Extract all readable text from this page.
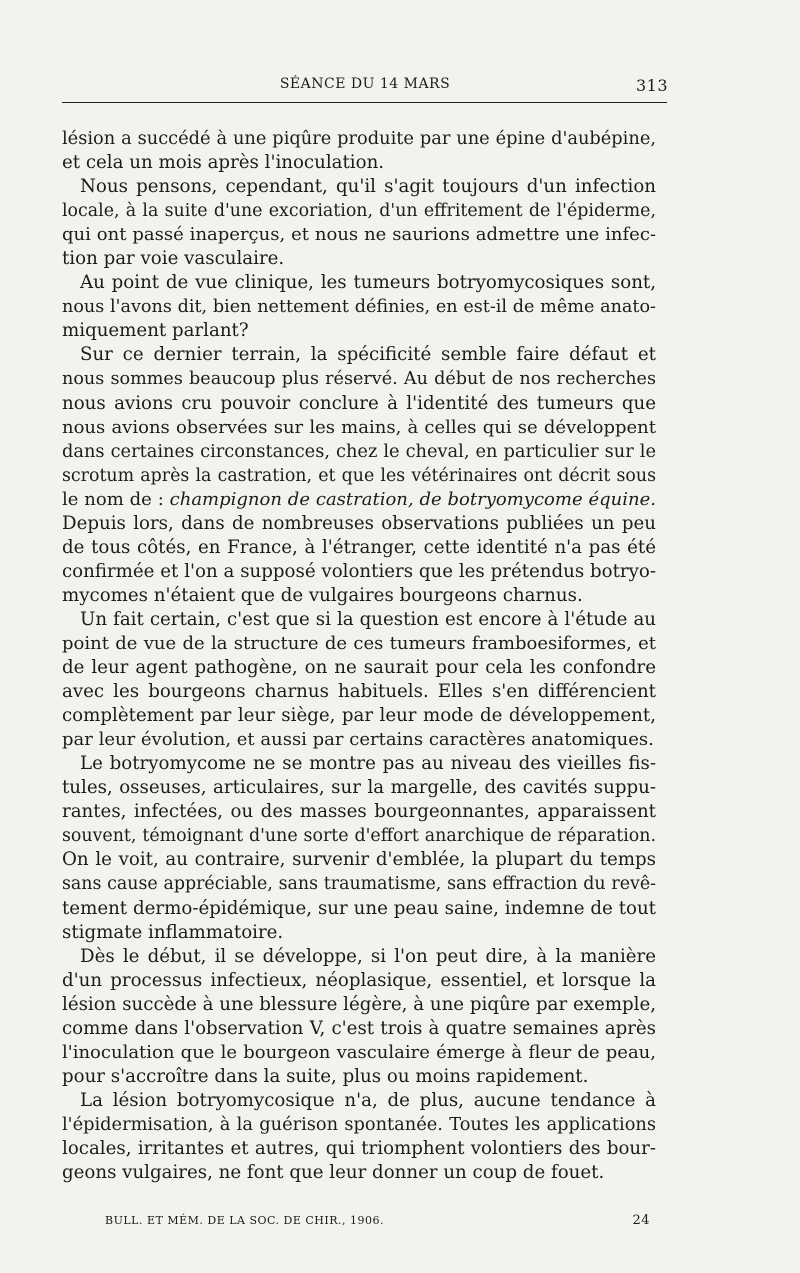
SÉANCE DU 14 MARS	313
lésion a succédé à une piqûre produite par une épine d'aubépine,
et cela un mois après l'inoculation.
Nous pensons, cependant, qu'il s'agit toujours d'un infection
locale, à la suite d'une excoriation, d'un effritement de l'épiderme,
qui ont passé inaperçus, et nous ne saurions admettre une infec-
tion par voie vasculaire.
Au point de vue clinique, les tumeurs botryomycosiques sont,
nous l'avons dit, bien nettement définies, en est-il de même anato-
miquement parlant?
Sur ce dernier terrain, la spécificité semble faire défaut et
nous sommes beaucoup plus réservé. Au début de nos recherches
nous avions cru pouvoir conclure à l'identité des tumeurs que
nous avions observées sur les mains, à celles qui se développent
dans certaines circonstances, chez le cheval, en particulier sur le
scrotum après la castration, et que les vétérinaires ont décrit sous
le nom de : champignon de castration, de botryomycome équine.
Depuis lors, dans de nombreuses observations publiées un peu
de tous côtés, en France, à l'étranger, cette identité n'a pas été
confirmée et l'on a supposé volontiers que les prétendus botryo-
mycomes n'étaient que de vulgaires bourgeons charnus.
Un fait certain, c'est que si la question est encore à l'étude au
point de vue de la structure de ces tumeurs framboesiformes, et
de leur agent pathogène, on ne saurait pour cela les confondre
avec les bourgeons charnus habituels. Elles s'en différencient
complètement par leur siège, par leur mode de développement,
par leur évolution, et aussi par certains caractères anatomiques.
Le botryomycome ne se montre pas au niveau des vieilles fis-
tules, osseuses, articulaires, sur la margelle, des cavités suppu-
rantes, infectées, ou des masses bourgeonnantes, apparaissent
souvent, témoignant d'une sorte d'effort anarchique de réparation.
On le voit, au contraire, survenir d'emblée, la plupart du temps
sans cause appréciable, sans traumatisme, sans effraction du revê-
tement dermo-épidémique, sur une peau saine, indemne de tout
stigmate inflammatoire.
Dès le début, il se développe, si l'on peut dire, à la manière
d'un processus infectieux, néoplasique, essentiel, et lorsque la
lésion succède à une blessure légère, à une piqûre par exemple,
comme dans l'observation V, c'est trois à quatre semaines après
l'inoculation que le bourgeon vasculaire émerge à fleur de peau,
pour s'accroître dans la suite, plus ou moins rapidement.
La lésion botryomycosique n'a, de plus, aucune tendance à
l'épidermisation, à la guérison spontanée. Toutes les applications
locales, irritantes et autres, qui triomphent volontiers des bour-
geons vulgaires, ne font que leur donner un coup de fouet.
BULL. ET MÉM. DE LA SOC. DE CHIR., 1906.	24
